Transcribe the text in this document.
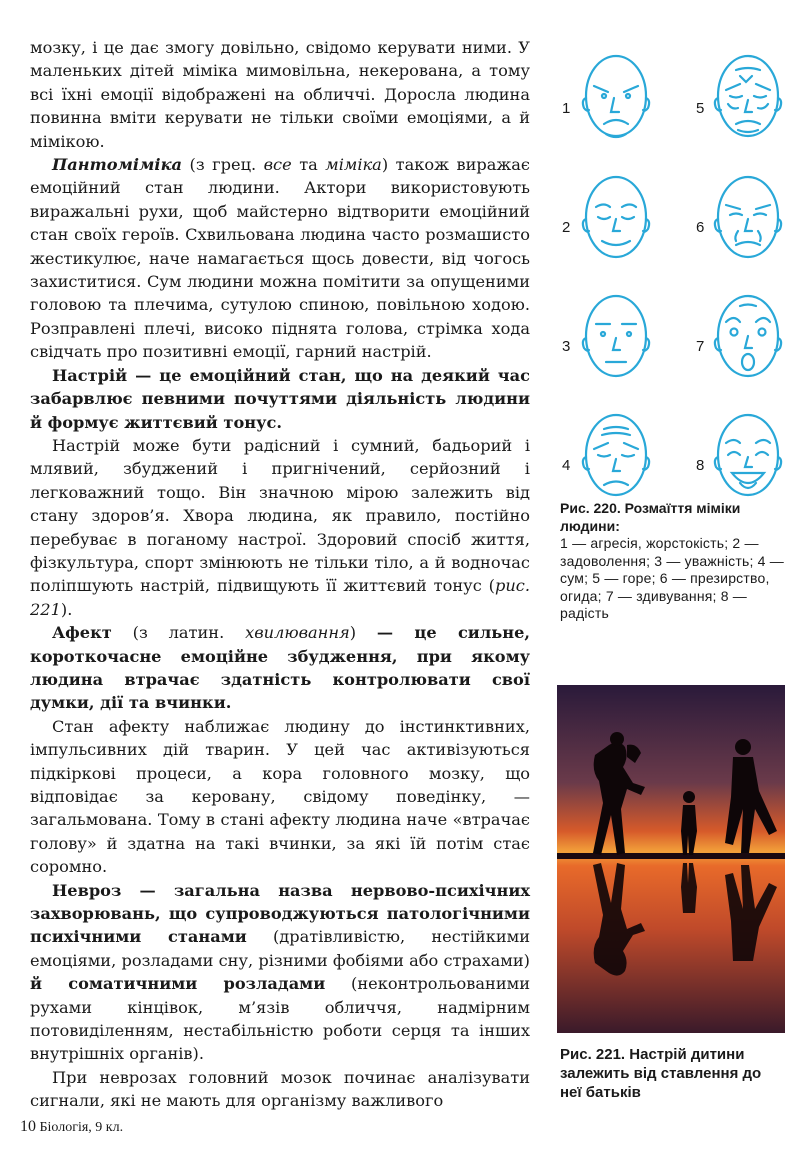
мозку, і це дає змогу довільно, свідомо керувати ними. У маленьких дітей міміка мимовільна, некерована, а тому всі їхні емоції відображені на обличчі. Доросла людина повинна вміти керувати не тільки своїми емоціями, а й мімікою.

Пантоміміка (з грец. все та міміка) також виражає емоційний стан людини. Актори використовують виражальні рухи, щоб майстерно відтворити емоційний стан своїх героїв. Схвильована людина часто розмашисто жестикулює, наче намагається щось довести, від чогось захиститися. Сум людини можна помітити за опущеними головою та плечима, сутулою спиною, повільною ходою. Розправлені плечі, високо піднята голова, стрімка хода свідчать про позитивні емоції, гарний настрій.

Настрій — це емоційний стан, що на деякий час забарвлює певними почуттями діяльність людини й формує життєвий тонус.

Настрій може бути радісний і сумний, бадьорий і млявий, збуджений і пригнічений, серйозний і легковажний тощо. Він значною мірою залежить від стану здоров’я. Хвора людина, як правило, постійно перебуває в поганому настрої. Здоровий спосіб життя, фізкультура, спорт змінюють не тільки тіло, а й водночас поліпшують настрій, підвищують її життєвий тонус (рис. 221).

Афект (з латин. хвилювання) — це сильне, короткочасне емоційне збудження, при якому людина втрачає здатність контролювати свої думки, дії та вчинки.

Стан афекту наближає людину до інстинктивних, імпульсивних дій тварин. У цей час активізуються підкіркові процеси, а кора головного мозку, що відповідає за керовану, свідому поведінку, — загальмована. Тому в стані афекту людина наче «втрачає голову» й здатна на такі вчинки, за які їй потім стає соромно.

Невроз — загальна назва нервово-психічних захворювань, що супроводжуються патологічними психічними станами (дратівливістю, нестійкими емоціями, розладами сну, різними фобіями або страхами) й соматичними розладами (неконтрольованими рухами кінцівок, м’язів обличчя, надмірним потовиділенням, нестабільністю роботи серця та інших внутрішніх органів).

При неврозах головний мозок починає аналізувати сигнали, які не мають для організму важливого

10 Біологія, 9 кл.
1
2
3
4
5
6
7
8
Рис. 220. Розмаїття міміки людини:
1 — агресія, жорстокість; 2 — задоволення; 3 — уважність; 4 — сум; 5 — горе; 6 — презирство, огида; 7 — здивування; 8 — радість
Рис. 221. Настрій дитини залежить від ставлення до неї батьків
